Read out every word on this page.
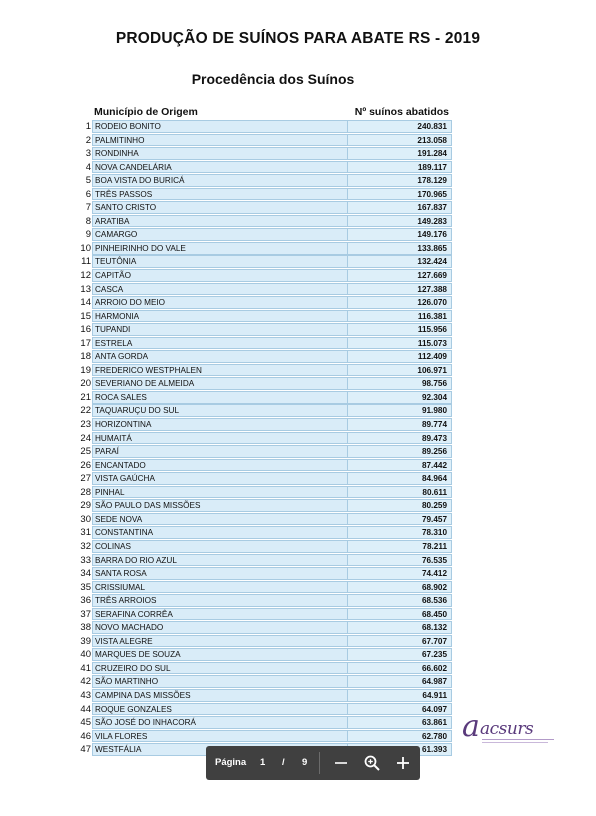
PRODUÇÃO DE SUÍNOS PARA ABATE RS - 2019
Procedência dos Suínos
Município de Origem	Nº suínos abatidos
1 RODEIO BONITO	240.831
2 PALMITINHO	213.058
3 RONDINHA	191.284
4 NOVA CANDELÁRIA	189.117
5 BOA VISTA DO BURICÁ	178.129
6 TRÊS PASSOS	170.965
7 SANTO CRISTO	167.837
8 ARATIBA	149.283
9 CAMARGO	149.176
10 PINHEIRINHO DO VALE	133.865
11 TEUTÔNIA	132.424
12 CAPITÃO	127.669
13 CASCA	127.388
14 ARROIO DO MEIO	126.070
15 HARMONIA	116.381
16 TUPANDI	115.956
17 ESTRELA	115.073
18 ANTA GORDA	112.409
19 FREDERICO WESTPHALEN	106.971
20 SEVERIANO DE ALMEIDA	98.756
21 ROCA SALES	92.304
22 TAQUARUÇU DO SUL	91.980
23 HORIZONTINA	89.774
24 HUMAITÁ	89.473
25 PARAÍ	89.256
26 ENCANTADO	87.442
27 VISTA GAÚCHA	84.964
28 PINHAL	80.611
29 SÃO PAULO DAS MISSÕES	80.259
30 SEDE NOVA	79.457
31 CONSTANTINA	78.310
32 COLINAS	78.211
33 BARRA DO RIO AZUL	76.535
34 SANTA ROSA	74.412
35 CRISSIUMAL	68.902
36 TRÊS ARROIOS	68.536
37 SERAFINA CORRÊA	68.450
38 NOVO MACHADO	68.132
39 VISTA ALEGRE	67.707
40 MARQUES DE SOUZA	67.235
41 CRUZEIRO DO SUL	66.602
42 SÃO MARTINHO	64.987
43 CAMPINA DAS MISSÕES	64.911
44 ROQUE GONZALES	64.097
45 SÃO JOSÉ DO INHACORÁ	63.861
46 VILA FLORES	62.780
47 WESTFÁLIA	61.393
a acsurs
Página 1 / 9
